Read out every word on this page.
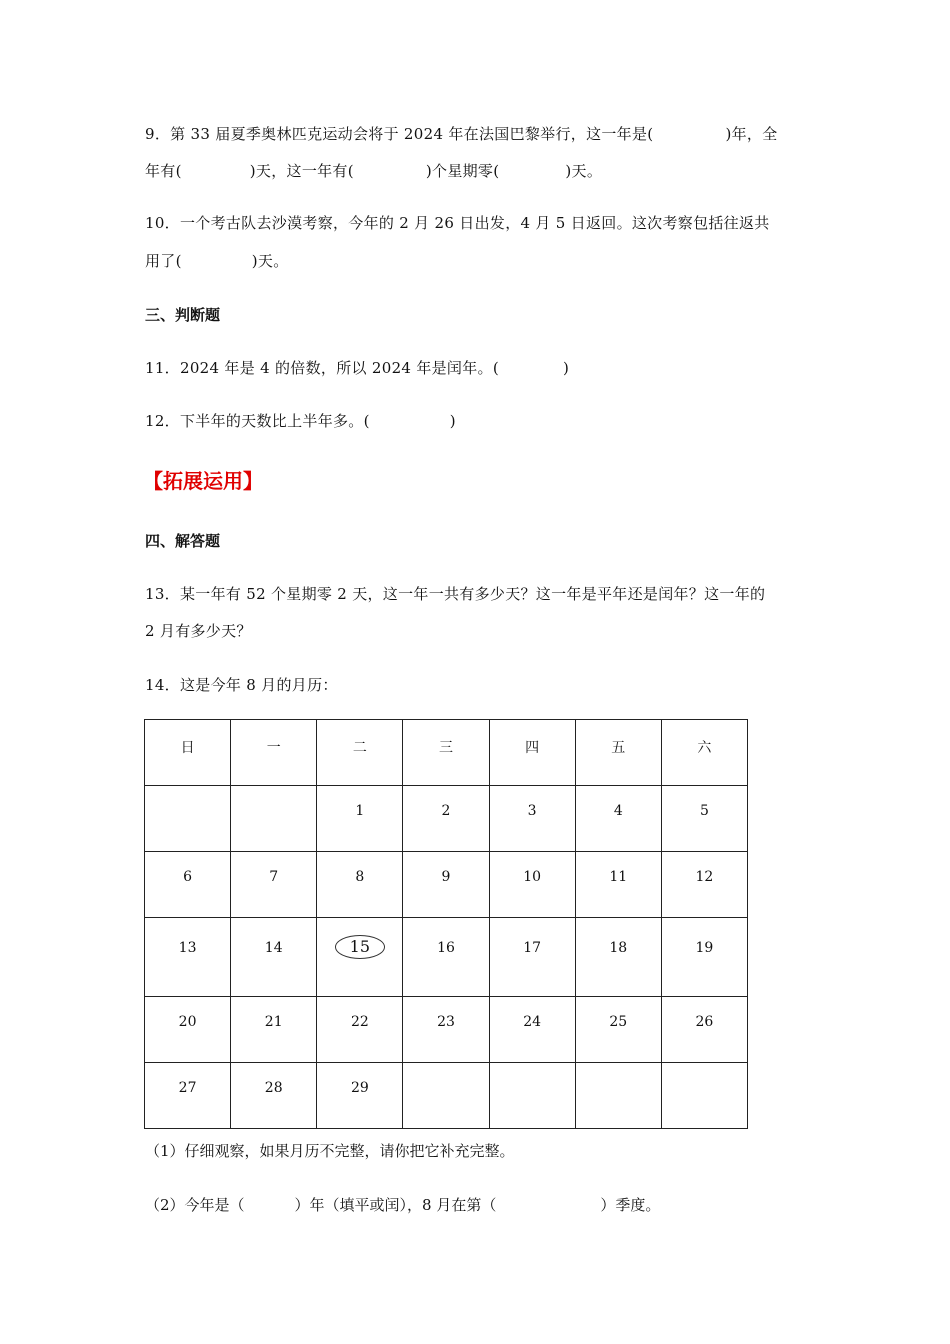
9．第 33 届夏季奥林匹克运动会将于 2024 年在法国巴黎举行，这一年是(	)年，全
年有(	)天，这一年有(	)个星期零(	)天。
10．一个考古队去沙漠考察，今年的 2 月 26 日出发，4 月 5 日返回。这次考察包括往返共
用了(	)天。
三、判断题
11．2024 年是 4 的倍数，所以 2024 年是闰年。(	)
12．下半年的天数比上半年多。(	)
【拓展运用】
四、解答题
13．某一年有 52 个星期零 2 天，这一年一共有多少天？这一年是平年还是闰年？这一年的
2 月有多少天？
14．这是今年 8 月的月历：
日	一	二	三	四	五	六
		1	2	3	4	5
6	7	8	9	10	11	12
13	14	15	16	17	18	19
20	21	22	23	24	25	26
27	28	29				
（1）仔细观察，如果月历不完整，请你把它补充完整。
（2）今年是（	）年（填平或闰），8 月在第（	）季度。
